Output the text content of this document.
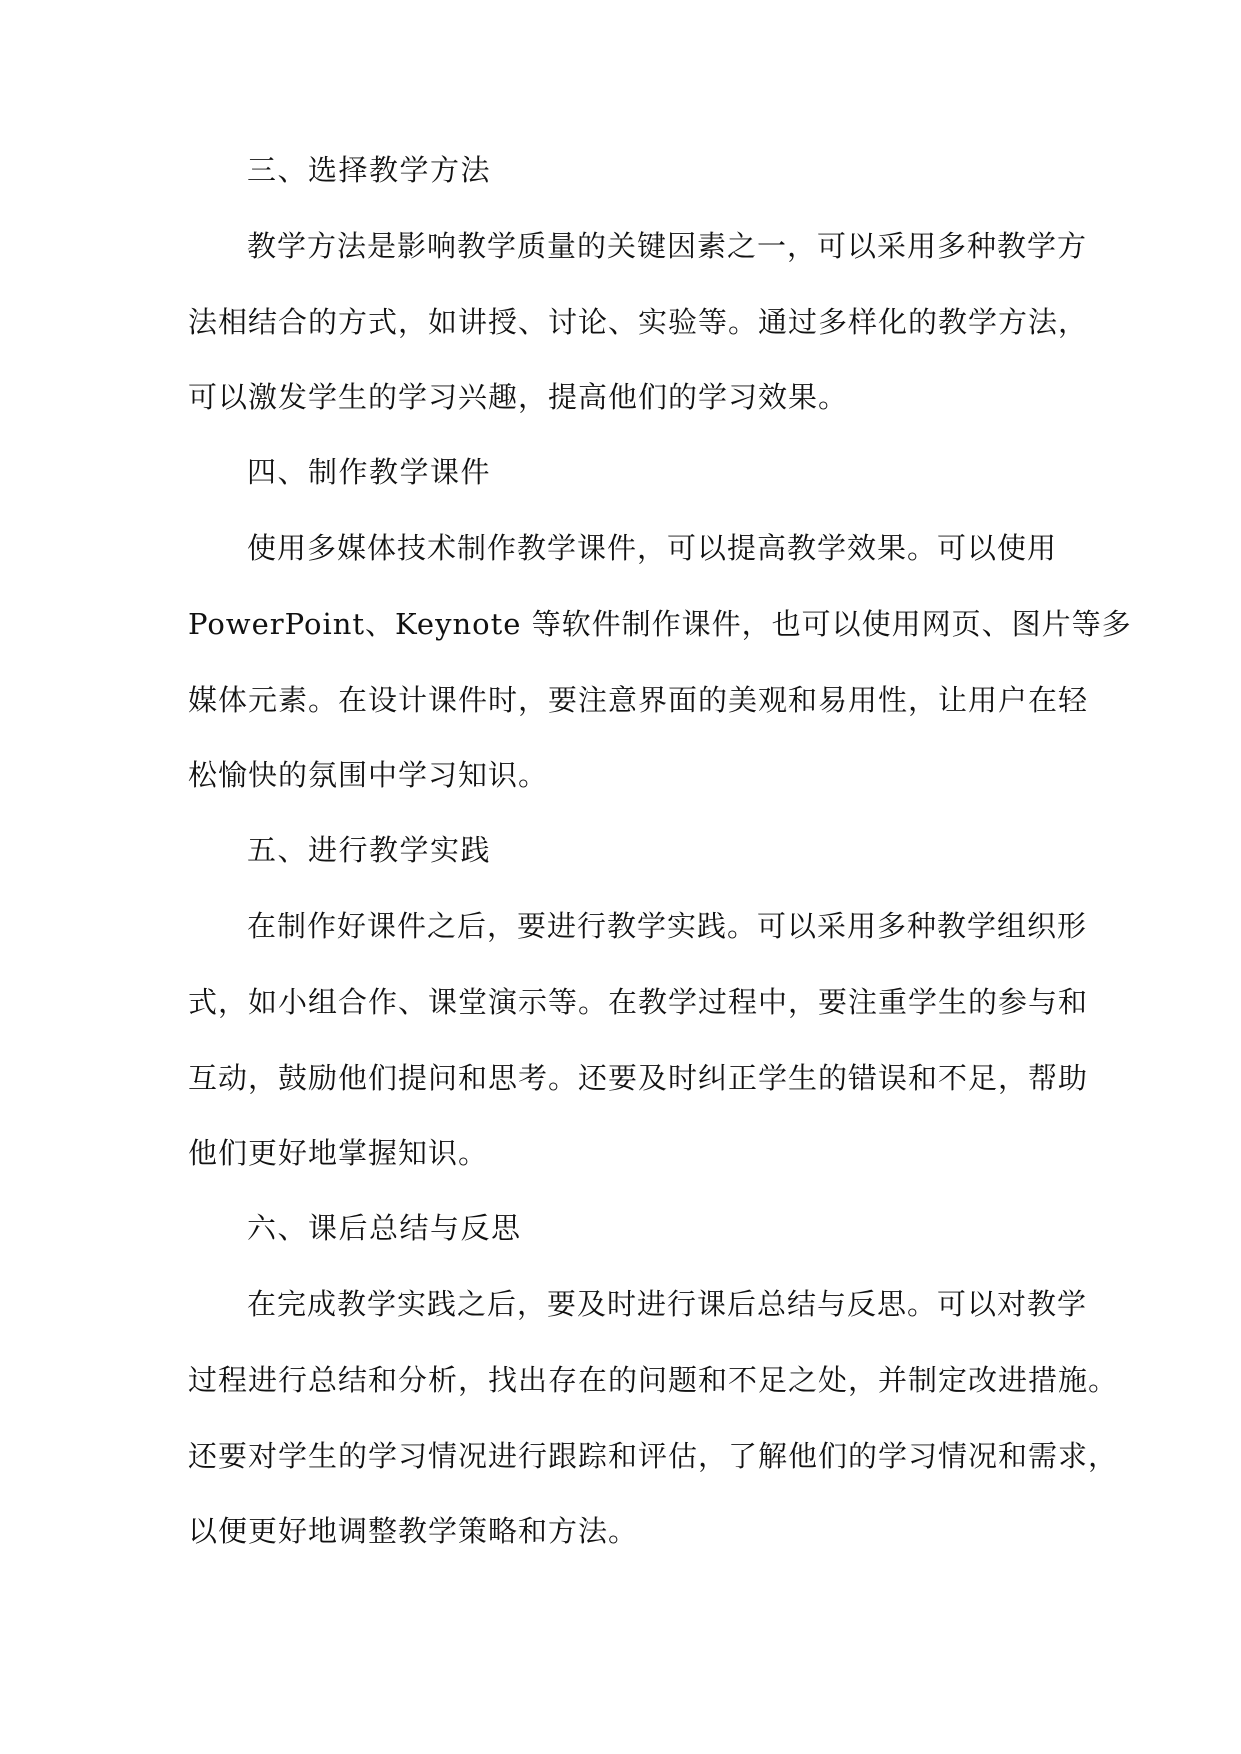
三、选择教学方法

教学方法是影响教学质量的关键因素之一，可以采用多种教学方

法相结合的方式，如讲授、讨论、实验等。通过多样化的教学方法，

可以激发学生的学习兴趣，提高他们的学习效果。

四、制作教学课件

使用多媒体技术制作教学课件，可以提高教学效果。可以使用

PowerPoint、Keynote 等软件制作课件，也可以使用网页、图片等多

媒体元素。在设计课件时，要注意界面的美观和易用性，让用户在轻

松愉快的氛围中学习知识。

五、进行教学实践

在制作好课件之后，要进行教学实践。可以采用多种教学组织形

式，如小组合作、课堂演示等。在教学过程中，要注重学生的参与和

互动，鼓励他们提问和思考。还要及时纠正学生的错误和不足，帮助

他们更好地掌握知识。

六、课后总结与反思

在完成教学实践之后，要及时进行课后总结与反思。可以对教学

过程进行总结和分析，找出存在的问题和不足之处，并制定改进措施。

还要对学生的学习情况进行跟踪和评估，了解他们的学习情况和需求，

以便更好地调整教学策略和方法。
